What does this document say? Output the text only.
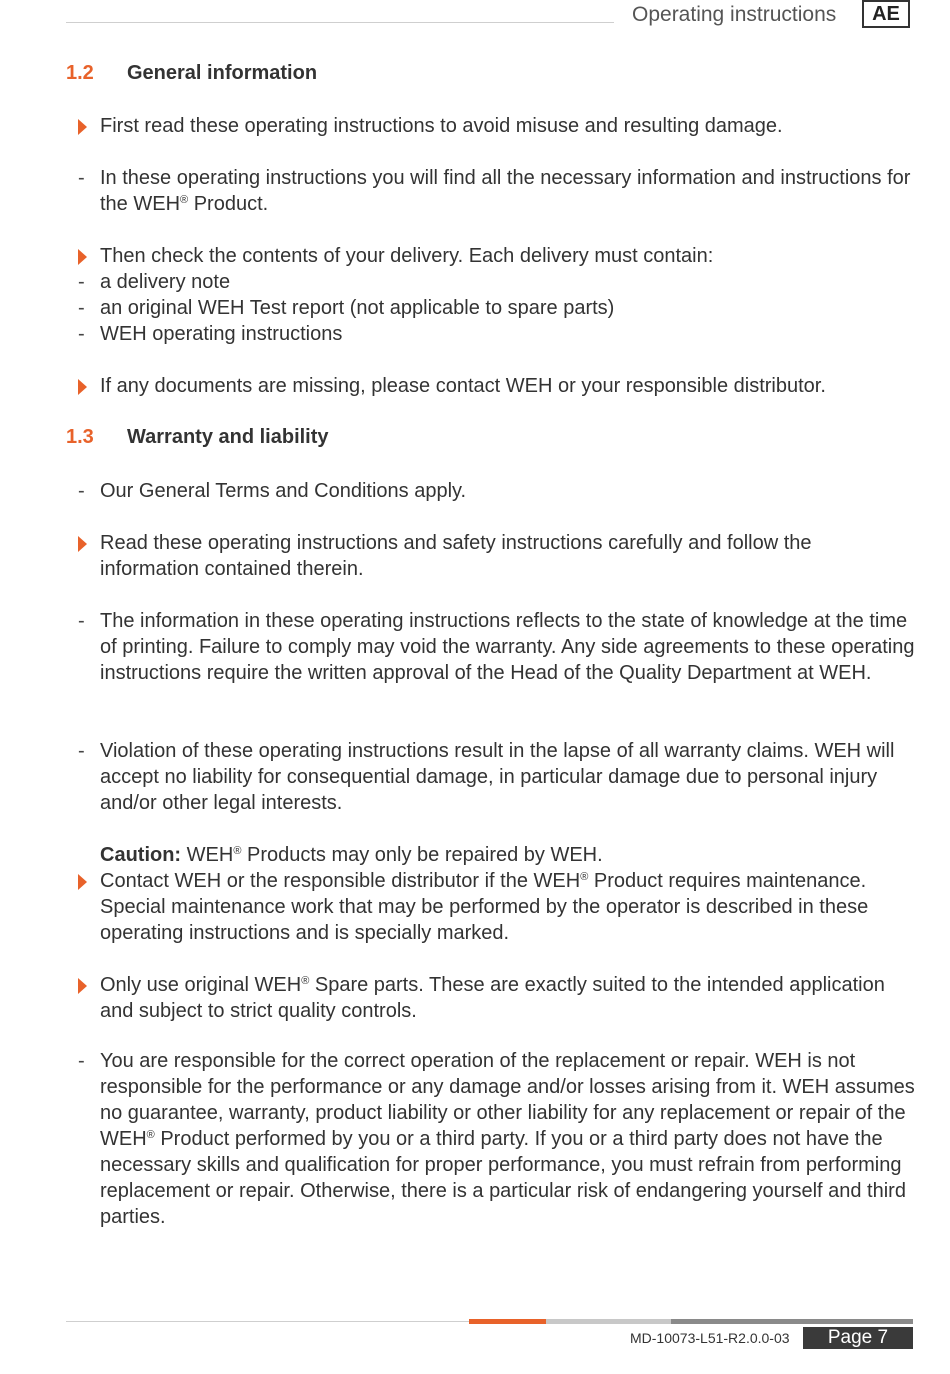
Operating instructions	AE
1.2 General information

First read these operating instructions to avoid misuse and resulting damage.

- In these operating instructions you will find all the necessary information and instructions for the WEH® Product.

Then check the contents of your delivery. Each delivery must contain:

- a delivery note

- an original WEH Test report (not applicable to spare parts)

- WEH operating instructions

If any documents are missing, please contact WEH or your responsible distributor.

1.3 Warranty and liability
- Our General Terms and Conditions apply.

Read these operating instructions and safety instructions carefully and follow the information contained therein.

- The information in these operating instructions reflects to the state of knowledge at the time of printing. Failure to comply may void the warranty. Any side agreements to these operating instructions require the written approval of the Head of the Quality Department at WEH.

- Violation of these operating instructions result in the lapse of all warranty claims. WEH will accept no liability for consequential damage, in particular damage due to personal injury and/or other legal interests.

Caution: WEH® Products may only be repaired by WEH.

Contact WEH or the responsible distributor if the WEH® Product requires maintenance. Special maintenance work that may be performed by the operator is described in these operating instructions and is specially marked.

Only use original WEH® Spare parts. These are exactly suited to the intended application and subject to strict quality controls.

- You are responsible for the correct operation of the replacement or repair. WEH is not responsible for the performance or any damage and/or losses arising from it. WEH assumes no guarantee, warranty, product liability or other liability for any replacement or repair of the WEH® Product performed by you or a third party. If you or a third party does not have the necessary skills and qualification for proper performance, you must refrain from performing replacement or repair. Otherwise, there is a particular risk of endangering yourself and third parties.

MD-10073-L51-R2.0.0-03	Page 7
